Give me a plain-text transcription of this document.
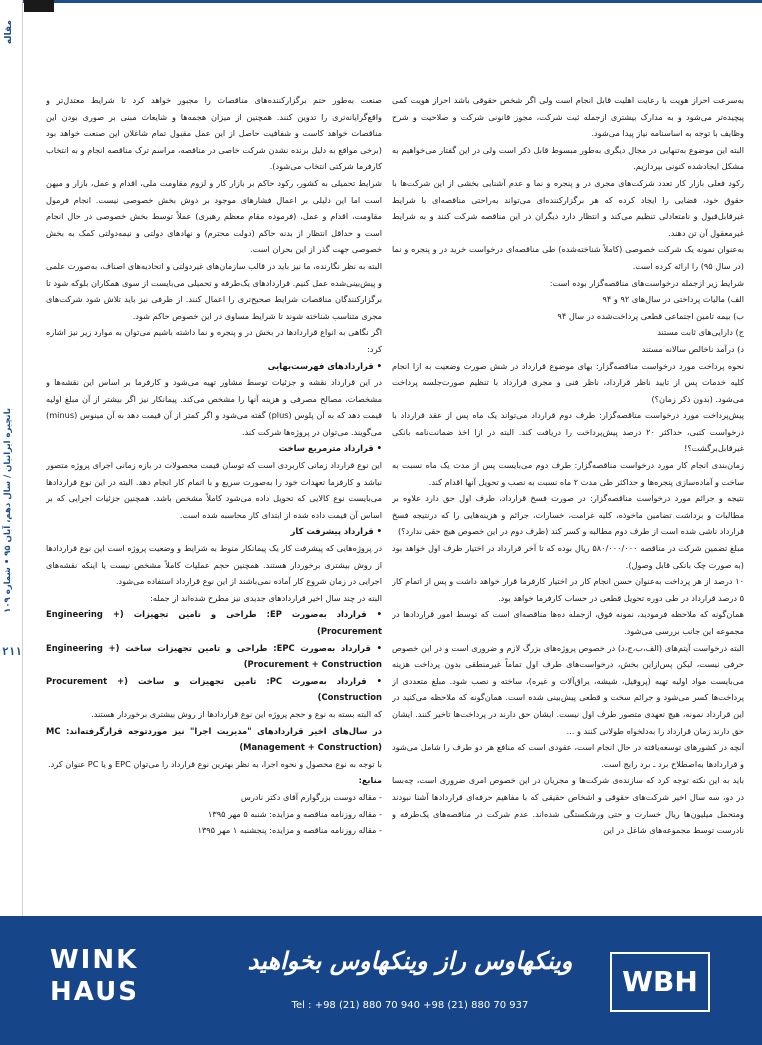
مقاله
بانچیره ایرانیان / سال دهم، آبان ۹۵ • شماره ۱۰۹
۲۱۱

به‌سرعت احراز هویت با رعایت اهلیت قابل انجام است ولی اگر شخص حقوقی باشد احراز هویت کمی پیچیده‌تر می‌شود و به مدارک بیشتری ازجمله ثبت شرکت، مجوز قانونی شرکت و صلاحیت و شرح وظایف با توجه به اساسنامه نیاز پیدا می‌شود.

البته این موضوع به‌تنهایی در مجال دیگری به‌طور مبسوط قابل ذکر است ولی در این گفتار می‌خواهیم به مشکل ایجادشده کنونی بپردازیم.

رکود فعلی بازار کار تعدد شرکت‌های مجری در و پنجره و نما و عدم آشنایی بخشی از این شرکت‌ها با حقوق خود، فضایی را ایجاد کرده که هر برگزارکننده‌ای می‌تواند به‌راحتی مناقصه‌ای با شرایط غیرقابل‌قبول و نامتعادلی تنظیم می‌کند و انتظار دارد دیگران در این مناقصه شرکت کنند و به شرایط غیرمعقول آن تن دهند.

به‌عنوان نمونه یک شرکت خصوصی (کاملاً شناخته‌شده) طی مناقصه‌ای درخواست خرید در و پنجره و نما (در سال ۹۵) را ارائه کرده است.

شرایط زیر ازجمله درخواست‌های مناقصه‌گزار بوده است:

الف) مالیات پرداختی در سال‌های ۹۲ و ۹۴

ب) بیمه تامین اجتماعی قطعی پرداخت‌شده در سال ۹۴

ج) دارایی‌های ثابت مستند

د) درآمد ناخالص سالانه مستند

نحوه پرداخت مورد درخواست مناقصه‌گزار: بهای موضوع قرارداد در شش صورت وضعیت به ازا انجام کلیه خدمات پس از تایید ناظر قرارداد، ناظر فنی و مجری قرارداد با تنظیم صورت‌جلسه پرداخت می‌شود. (بدون ذکر زمان؟)

پیش‌پرداخت مورد درخواست مناقصه‌گزار: طرف دوم قرارداد می‌تواند یک ماه پس از عقد قرارداد با درخواست کتبی، حداکثر ۲۰ درصد پیش‌پرداخت را دریافت کند. البته در ازا اخذ ضمانت‌نامه بانکی غیرقابل‌برگشت؟!

زمان‌بندی انجام کار مورد درخواست مناقصه‌گزار: طرف دوم می‌بایست پس از مدت یک ماه نسبت به ساخت و آماده‌سازی پنجره‌ها و حداکثر طی مدت ۲ ماه نسبت به نصب و تحویل آنها اقدام کند.

نتیجه و جرائم مورد درخواست مناقصه‌گزار: در صورت فسخ قرارداد، طرف اول حق دارد علاوه بر مطالبات و برداشت تضامین ماخوذه، کلیه غرامت، خسارات، جرائم و هزینه‌هایی را که درنتیجه فسخ قرارداد ناشی شده است از طرف دوم مطالبه و کسر کند (طرف دوم در این خصوص هیچ حقی ندارد؟)

مبلغ تضمین شرکت در مناقصه ۵۸۰/۰۰۰/۰۰۰ ریال بوده که تا آخر قرارداد در اختیار طرف اول خواهد بود (به صورت چک بانکی قابل وصول).

۱۰ درصد از هر پرداخت به‌عنوان حسن انجام کار در اختیار کارفرما قرار خواهد داشت و پس از اتمام کار ۵ درصد قرارداد در طی دوره تحویل قطعی در حساب کارفرما خواهد بود.

همان‌گونه که ملاحظه فرمودید، نمونه فوق، ازجمله ده‌ها مناقصه‌ای است که توسط امور قراردادها در مجموعه این جانب بررسی می‌شود.

البته درخواست آیتم‌های (الف،ب،ج،د) در خصوص پروژه‌های بزرگ لازم و ضروری است و در این خصوص حرفی نیست، لیکن پس‌ازاین بخش، درخواست‌های طرف اول تماماً غیرمنطقی بدون پرداخت هزینه می‌بایست مواد اولیه تهیه (پروفیل، شیشه، یراق‌آلات و غیره)، ساخته و نصب شود. مبلغ متعددی از پرداخت‌ها کسر می‌شود و جرائم سخت و قطعی پیش‌بینی شده است. همان‌گونه که ملاحظه می‌کنید در این قرارداد نمونه، هیچ تعهدی متصور طرف اول نیست. ایشان حق دارند در پرداخت‌ها تاخیر کنند. ایشان حق دارند زمان قرارداد را به‌دلخواه طولانی کنند و ...

آنچه در کشورهای توسعه‌یافته در حال انجام است، عقودی است که منافع هر دو طرف را شامل می‌شود و قراردادها به‌اصطلاح برد ـ برد رایج است.

باید به این نکته توجه کرد که سازنده‌ی شرکت‌ها و مجریان در این خصوص امری ضروری است، چه‌بسا در دو، سه سال اخیر شرکت‌های حقوقی و اشخاص حقیقی که با مفاهیم حرفه‌ای قراردادها آشنا نبودند ومتحمل میلیون‌ها ریال خسارت و حتی ورشکستگی شده‌اند. عدم شرکت در مناقصه‌های یک‌طرفه و نادرست توسط مجموعه‌های شاغل در این

صنعت به‌طور حتم برگزارکننده‌های مناقصات را مجبور خواهد کرد تا شرایط معتدل‌تر و واقع‌گرایانه‌تری را تدوین کنند. همچنین از میزان هجمه‌ها و شایعات مبنی بر صوری بودن این مناقصات خواهد کاست و شفافیت حاصل از این عمل مقبول تمام شاغلان این صنعت خواهد بود (برخی مواقع به دلیل برنده نشدن شرکت خاصی در مناقصه، مراسم ترک مناقصه انجام و به انتخاب کارفرما شرکتی انتخاب می‌شود).

شرایط تحمیلی به کشور، رکود حاکم بر بازار کار و لزوم مقاومت ملی، اقدام و عمل، بازار و میهن است اما این دلیلی بر اعمال فشارهای موجود بر دوش بخش خصوصی نیست. انجام فرمول مقاومت، اقدام و عمل، (فرموده مقام معظم رهبری) عملاً توسط بخش خصوصی در حال انجام است و حداقل انتظار از بدنه حاکم (دولت محترم) و نهادهای دولتی و نیمه‌دولتی کمک به بخش خصوصی جهت گذر از این بحران است.

البته به نظر نگارنده، ما نیز باید در قالب سازمان‌های غیردولتی و اتحادیه‌های اصناف، به‌صورت علمی و پیش‌بینی‌شده عمل کنیم. قراردادهای یک‌طرفه و تحمیلی می‌بایست از سوی همکاران بلوکه شود تا برگزارکنندگان مناقصات شرایط صحیح‌تری را اعمال کنند. از طرفی نیز باید تلاش شود شرکت‌های مجری متناسب شناخته شوند تا شرایط مساوی در این خصوص حاکم شود.

اگر نگاهی به انواع قراردادها در بخش در و پنجره و نما داشته باشیم می‌توان به موارد زیر نیز اشاره کرد:

• قراردادهای فهرست‌بهایی

در این قرارداد نقشه و جزئیات توسط مشاور تهیه می‌شود و کارفرما بر اساس این نقشه‌ها و مشخصات، مصالح مصرفی و هزینه آنها را مشخص می‌کند. پیمانکار نیز اگر بیشتر از آن مبلغ اولیه قیمت دهد که به آن پلوس (plus) گفته می‌شود و اگر کمتر از آن قیمت دهد به آن مینوس (minus) می‌گویند. می‌توان در پروژه‌ها شرکت کند.

• قرارداد مترمربع ساخت

این نوع قرارداد زمانی کاربردی است که توسان قیمت محصولات در بازه زمانی اجرای پروژه متصور نباشد و کارفرما تعهدات خود را به‌صورت سریع و با اتمام کار انجام دهد. البته در این نوع قراردادها می‌بایست نوع کالایی که تحویل داده می‌شود کاملاً مشخص باشد. همچنین جزئیات اجرایی که بر اساس آن قیمت داده شده از ابتدای کار محاسبه شده است.

• قرارداد پیشرفت کار

در پروژه‌هایی که پیشرفت کار یک پیمانکار منوط به شرایط و وضعیت پروژه است این نوع قراردادها از روش بیشتری برخوردار هستند. همچنین حجم عملیات کاملاً مشخص نیست یا اینکه نقشه‌های اجرایی در زمان شروع کار آماده نمی‌باشند از این نوع قرارداد استفاده می‌شود.

البته در چند سال اخیر قراردادهای جدیدی نیز مطرح شده‌اند از جمله:

• قرارداد به‌صورت EP: طراحی و تامین تجهیزات (Engineering + Procurement)
• قرارداد به‌صورت EPC: طراحی و تامین تجهیزات ساخت (Engineering + Procurement + Construction)
• قرارداد به‌صورت PC: تامین تجهیزات و ساخت (Procurement + Construction)

که البته بسته به نوع و حجم پروژه این نوع قراردادها از روش بیشتری برخوردار هستند.

در سال‌های اخیر قراردادهای "مدیریت اجرا" نیز موردتوجه قرارگرفته‌اند: MC (Management + Construction)

با توجه به نوع محصول و نحوه اجرا، به نظر بهترین نوع قرارداد را می‌توان EPC و یا PC عنوان کرد.

منابع:

- مقاله دوست بزرگوارم آقای دکتر نادرس

- مقاله روزنامه مناقصه و مزایده: شنبه ۵ مهر ۱۳۹۵

- مقاله روزنامه مناقصه و مزایده: پنجشنبه ۱ مهر ۱۳۹۵

WINK
HAUS
وینکهاوس راز وینکهاوس بخواهید
Tel : +98 (21) 880 70 940 +98 (21) 880 70 937
WBH
